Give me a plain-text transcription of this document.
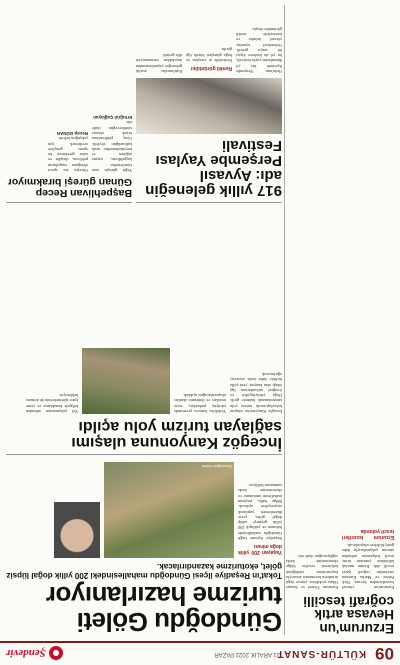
09
KÜLTÜR-SANAT
21 ARALIK 2022 PAZAR
Şendevir
Erzurum'un Hevasa artık coğrafi tescilli
Erzurum'un yöresel lezzetlerinden hevasa, Türk Patent ve Marka Kurumu tarafından coğrafi işaret tescili aldı. Kentin mutfak kültürünü yansıtan ürün, tescil belgesinin ardından tanıtım çalışmalarıyla daha geniş kitlelere ulaştırılacak.
Erzurum lezzetleri tescil yolunda
Erzurum Ticaret ve Sanayi Odası yetkilileri, yöreye özgü ürünlerin korunması amacıyla başvuruların sürdüğünü belirterek tescilin bölge ekonomisine katkı sağlayacağını ifade etti.
Gündoğdu Göleti turizme hazırlanıyor
Tokat'ın Reşadiye ilçesi Gündoğdu mahallesindeki 200 yıllık doğal lüpsiz gölet, ekoturizme kazandırılacak.
Yaşayan 200 yıllık doğa mirası
Reşadiye ilçesine bağlı Gündoğdu mahallesinde bulunan ve yaklaşık 200 yıllık geçmişe sahip doğal gölet, çevre düzenlemesi yapılarak ziyaretçilere açılacak. Bölge halkı, projenin mahallenin tanıtımına ve ekonomisine katkı sunmasını bekliyor.
Gündoğdu Göleti
İncegöz Kanyonuna ulaşımı sağlayan turizm yolu açıldı
İncegöz Kanyonu'na ulaşımı kolaylaştıracak turizm yolu tamamlanarak hizmete girdi. Doğa yürüyüşçüleri ve fotoğraf tutkunlarının ilgi odağı olan kanyon, yeni yolla birlikte daha fazla ziyaretçi ağırlayacak.
Yetkililer, kanyon çevresinde yürüyüş parkurları, seyir terasları ve dinlenme alanları oluşturulacağını açıkladı.
Yol çalışmasının ardından bölgede konaklama ve yeme içme işletmelerinin de artması bekleniyor.
917 yıllık geleneğin adı: Ayvasıl Perşembe Yaylası Festivali
Ordu'nun Perşembe ilçesinde her yıl düzenlenen yayla festivali, bu yıl da binlerce kişiyi bir araya getirdi. Geleneksel oyunlar, yöresel ürünler ve konserlerle renkli görüntüler oluştu.
Renkli görüntüler
Festivalde at yarışları ve boğa güreşleri büyük ilgi gördü.
Katılımcılar, asırlık geleneğin yaşatılmasından duydukları memnuniyeti dile getirdi.
Başpehlivan Recep Günan güreşi bırakmıyor
Yağlı güreşin usta isimlerinden başpehlivan, yaşına rağmen er meydanlarından uzak kalmadığını söyledi. Genç pehlivanlara örnek olmayı sürdüreceğini ifade etti.
Ertuğrul Çağlayan
Güreşin ata sporu olduğunu vurgulayan pehlivan, disiplin ve sabır gerektiren bu sporu gençlere sevdirmek için çalıştığını belirtti.
Recep GÜNAN
